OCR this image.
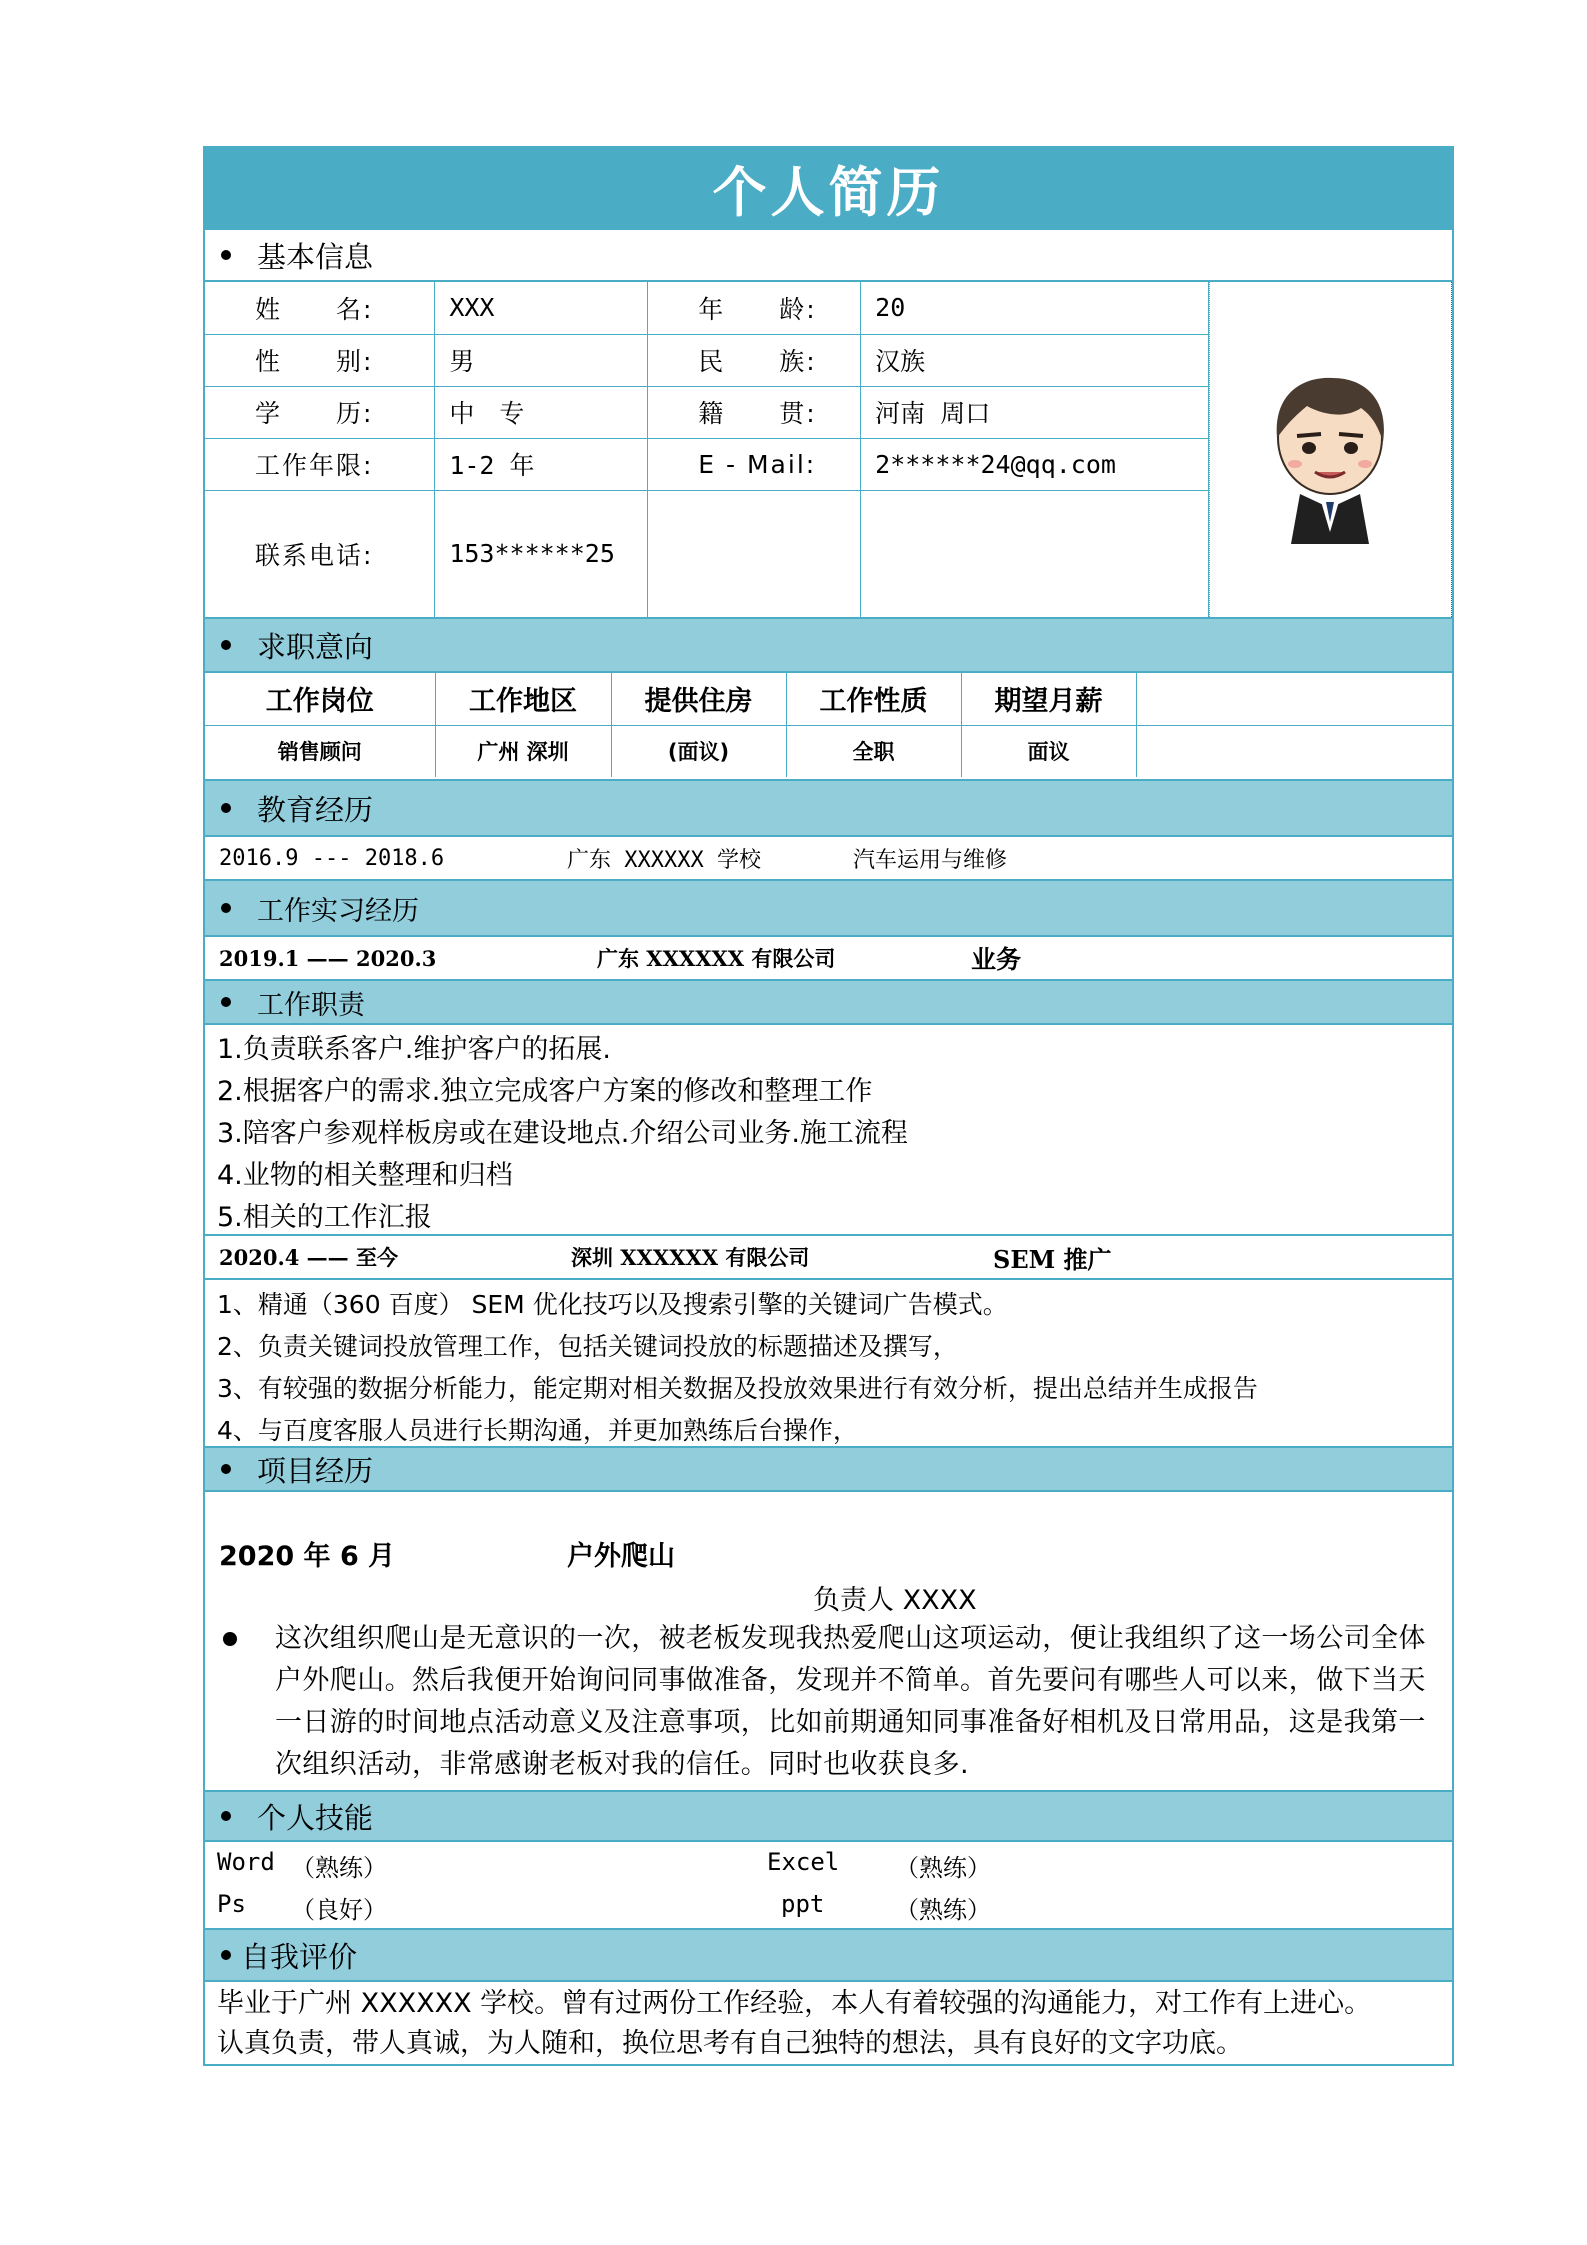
个人简历
基本信息
姓　　名:	XXX	年　　龄:	20
性　　别:	男	民　　族:	汉族
学　　历:	中　专	籍　　贯:	河南 周口
工作年限:	1-2 年	E - Mail:	2******24@qq.com
联系电话:	153******25		
求职意向
工作岗位	工作地区	提供住房	工作性质	期望月薪	
销售顾问	广州 深圳	(面议)	全职	面议	
教育经历
2016.9 --- 2018.6	广东 XXXXXX 学校	汽车运用与维修
工作实习经历
2019.1 —— 2020.3	广东 XXXXXX 有限公司	业务
工作职责
1.负责联系客户.维护客户的拓展.
2.根据客户的需求.独立完成客户方案的修改和整理工作
3.陪客户参观样板房或在建设地点.介绍公司业务.施工流程
4.业物的相关整理和归档
5.相关的工作汇报
2020.4 —— 至今	深圳 XXXXXX 有限公司	SEM 推广
1、精通（360 百度） SEM 优化技巧以及搜索引擎的关键词广告模式。
2、负责关键词投放管理工作，包括关键词投放的标题描述及撰写，
3、有较强的数据分析能力，能定期对相关数据及投放效果进行有效分析，提出总结并生成报告
4、与百度客服人员进行长期沟通，并更加熟练后台操作，
项目经历
2020 年 6 月	户外爬山
负责人 XXXX
这次组织爬山是无意识的一次，被老板发现我热爱爬山这项运动，便让我组织了这一场公司全体户外爬山。然后我便开始询问同事做准备，发现并不简单。首先要问有哪些人可以来，做下当天一日游的时间地点活动意义及注意事项，比如前期通知同事准备好相机及日常用品，这是我第一次组织活动，非常感谢老板对我的信任。同时也收获良多.
个人技能
Word （熟练）	Excel （熟练）
Ps （良好）	ppt	（熟练）
自我评价
毕业于广州 XXXXXX 学校。曾有过两份工作经验，本人有着较强的沟通能力，对工作有上进心。
认真负责，带人真诚，为人随和，换位思考有自己独特的想法，具有良好的文字功底。
